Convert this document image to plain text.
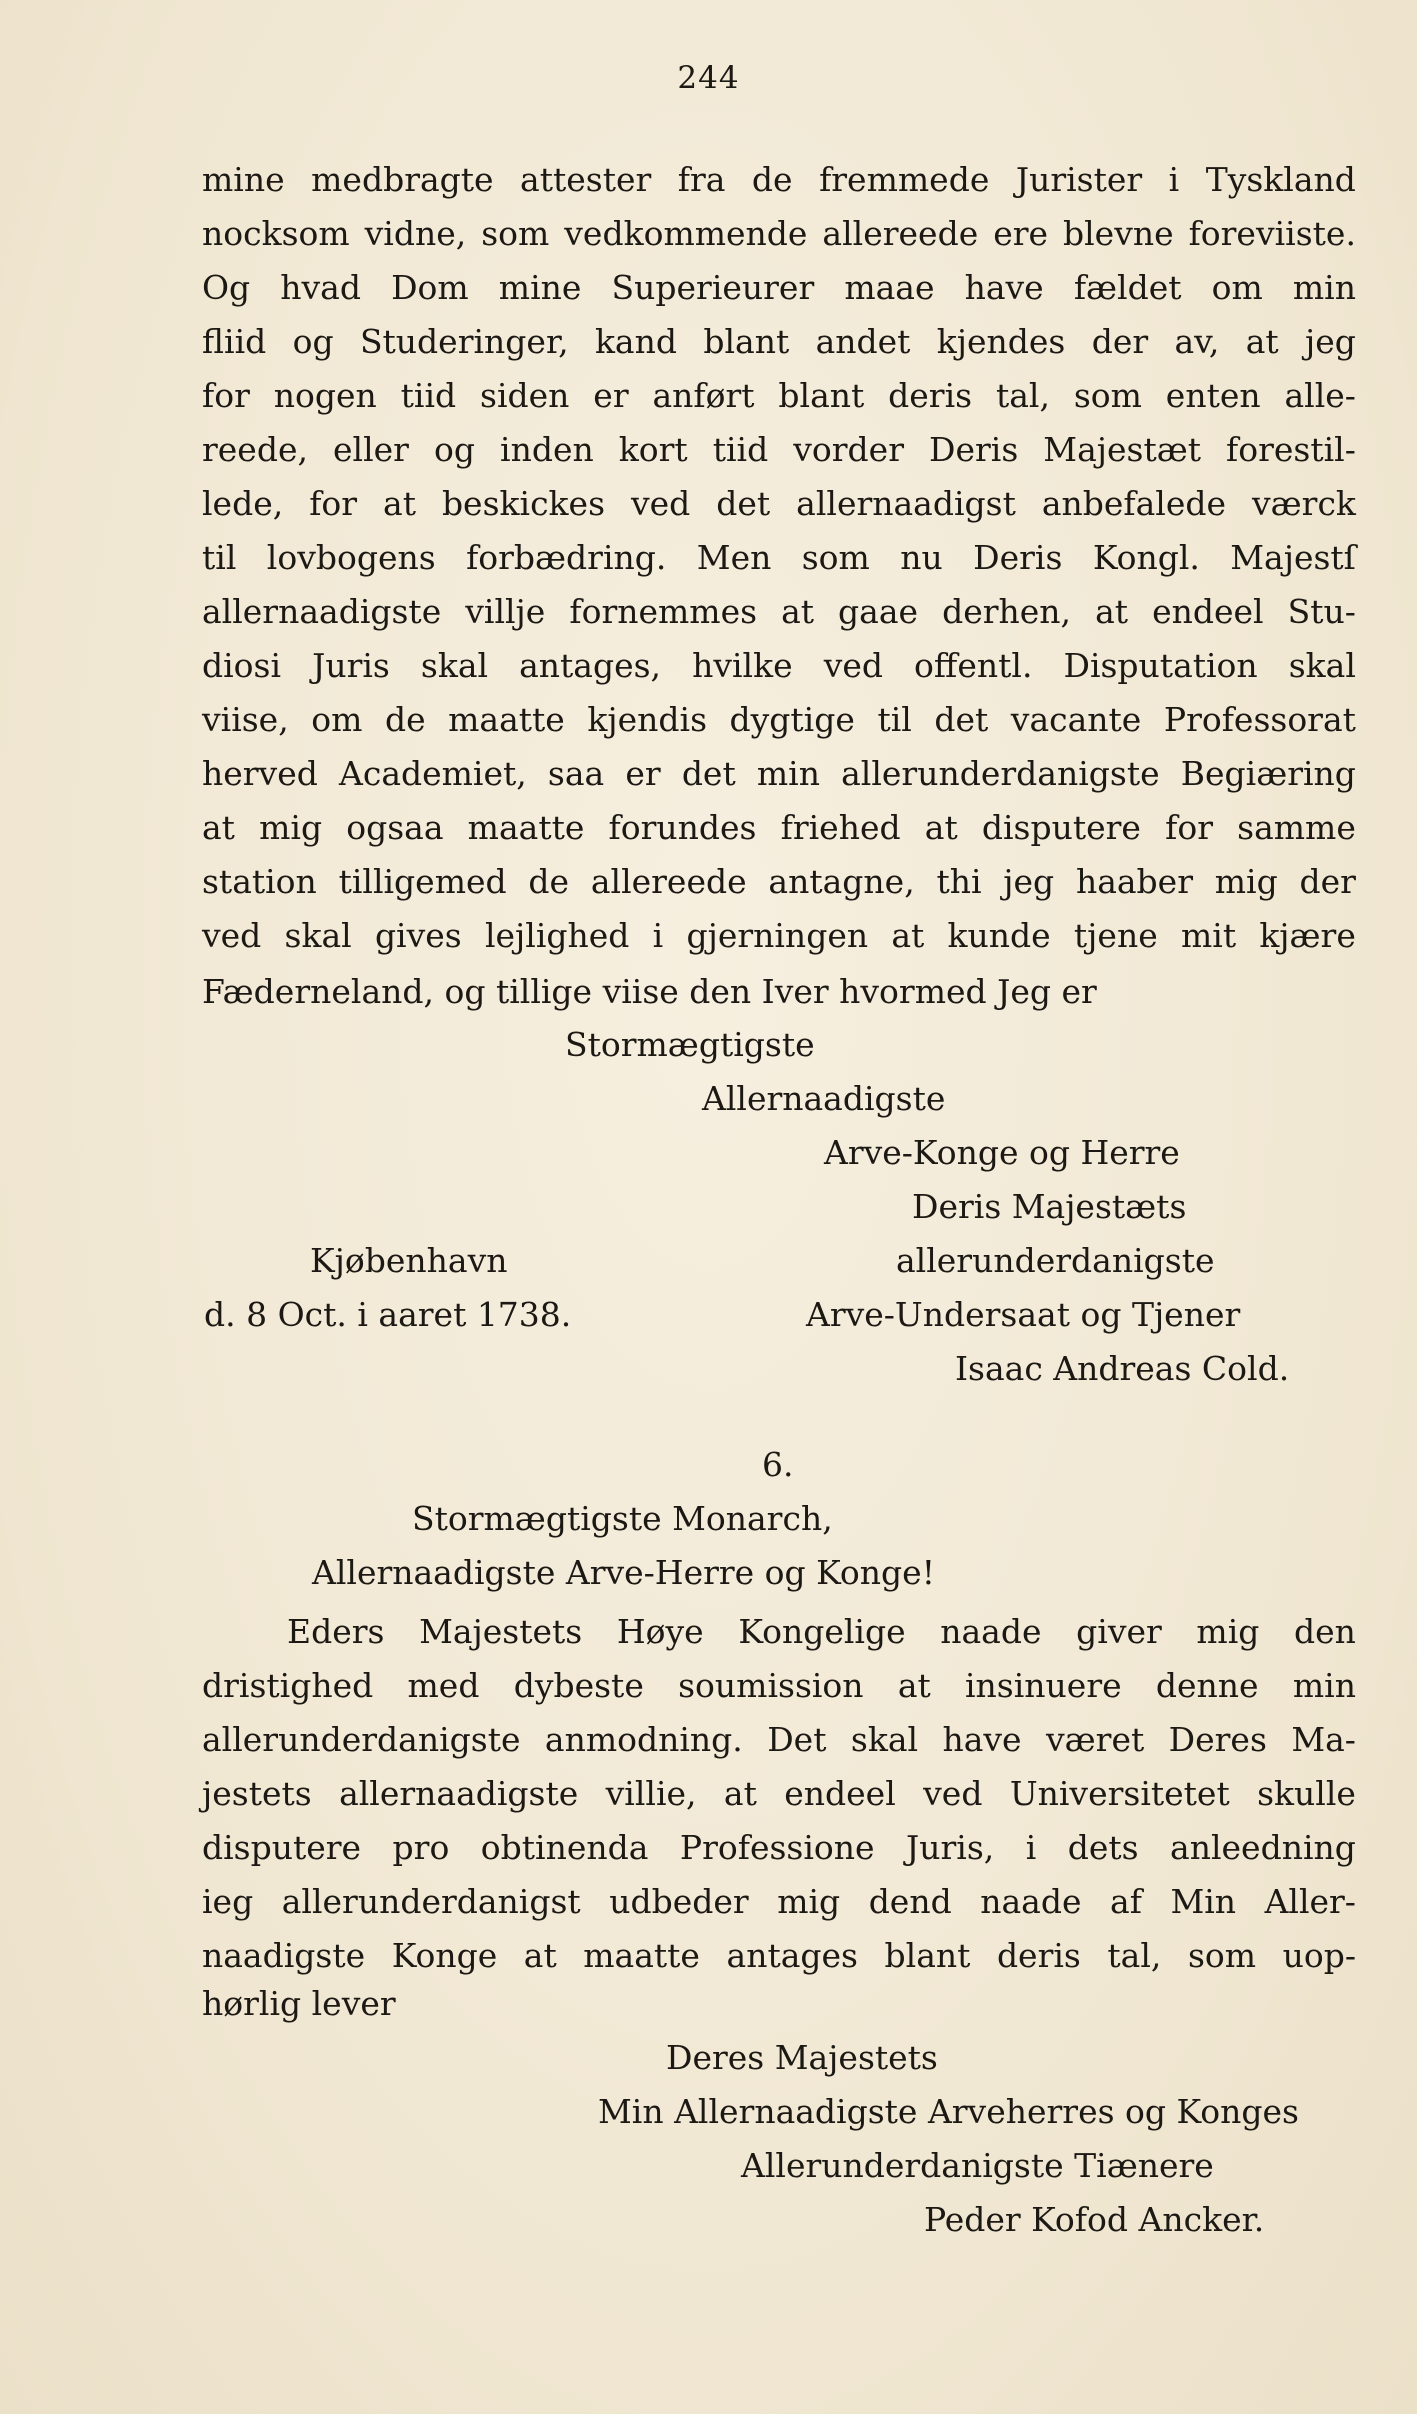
244
mine medbragte attester fra de fremmede Jurister i Tyskland
nocksom vidne, som vedkommende allereede ere blevne foreviiste.
Og hvad Dom mine Superieurer maae have fældet om min
fliid og Studeringer, kand blant andet kjendes der av, at jeg
for nogen tiid siden er anført blant deris tal, som enten alle-
reede, eller og inden kort tiid vorder Deris Majestæt forestil-
lede, for at beskickes ved det allernaadigst anbefalede værck
til lovbogens forbædring. Men som nu Deris Kongl. Majestſ
allernaadigste villje fornemmes at gaae derhen, at endeel Stu-
diosi Juris skal antages, hvilke ved offentl. Disputation skal
viise, om de maatte kjendis dygtige til det vacante Professorat
herved Academiet, saa er det min allerunderdanigste Begiæring
at mig ogsaa maatte forundes friehed at disputere for samme
station tilligemed de allereede antagne, thi jeg haaber mig der
ved skal gives lejlighed i gjerningen at kunde tjene mit kjære
Fæderneland, og tillige viise den Iver hvormed Jeg er
Stormægtigste
Allernaadigste
Arve-Konge og Herre
Deris Majestæts
Kjøbenhavn	allerunderdanigste
d. 8 Oct. i aaret 1738.	Arve-Undersaat og Tjener
Isaac Andreas Cold.
6.
Stormægtigste Monarch,
Allernaadigste Arve-Herre og Konge!
Eders Majestets Høye Kongelige naade giver mig den
dristighed med dybeste soumission at insinuere denne min
allerunderdanigste anmodning. Det skal have været Deres Ma-
jestets allernaadigste villie, at endeel ved Universitetet skulle
disputere pro obtinenda Professione Juris, i dets anleedning
ieg allerunderdanigst udbeder mig dend naade af Min Aller-
naadigste Konge at maatte antages blant deris tal, som uop-
hørlig lever
Deres Majestets
Min Allernaadigste Arveherres og Konges
Allerunderdanigste Tiænere
Peder Kofod Ancker.
